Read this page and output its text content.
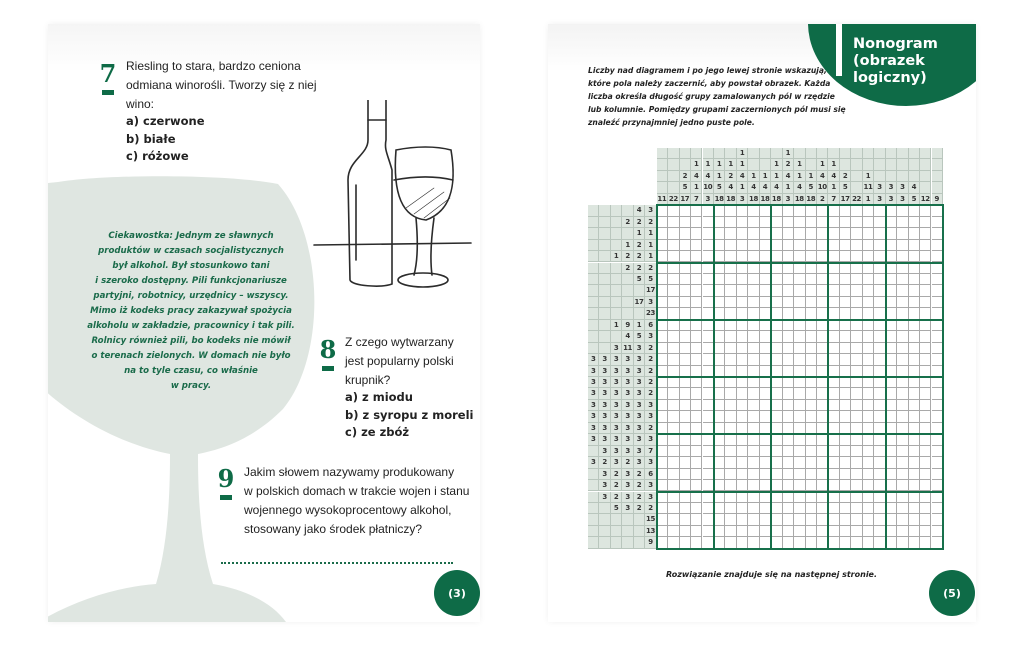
7 Riesling to stara, bardzo ceniona
odmiana winorośli. Tworzy się z niej
wino:
a) czerwone
b) białe
c) różowe
Ciekawostka: Jednym ze sławnych
produktów w czasach socjalistycznych
był alkohol. Był stosunkowo tani
i szeroko dostępny. Pili funkcjonariusze
partyjni, robotnicy, urzędnicy – wszyscy.
Mimo iż kodeks pracy zakazywał spożycia
alkoholu w zakładzie, pracownicy i tak pili.
Rolnicy również pili, bo kodeks nie mówił
o terenach zielonych. W domach nie było
na to tyle czasu, co właśnie
w pracy.
8 Z czego wytwarzany
jest popularny polski
krupnik?
a) z miodu
b) z syropu z moreli
c) ze zbóż
9 Jakim słowem nazywamy produkowany
w polskich domach w trakcie wojen i stanu
wojennego wysokoprocentowy alkohol,
stosowany jako środek płatniczy?
(3)
Nonogram
(obrazek
logiczny)
Liczby nad diagramem i po jego lewej stronie wskazują,
które pola należy zaczernić, aby powstał obrazek. Każda
liczba określa długość grupy zamalowanych pól w rzędzie
lub kolumnie. Pomiędzy grupami zaczernionych pól musi się
znaleźć przynajmniej jedno puste pole.
11 22
2
5
17
1
4
1
7
1
4
10
3
1
1
5
18
1
2
4
18
1
1
4
1
3
1
4
18
1
4
18
1
1
4
18
1
2
4
1
3
1
1
4
18
1
5
18
1
4
10
2
1
4
1
7
2
5
17 22
1
11
1
3
3
3
3
3
3
4
5 12 9
4 3
2 2 2
1 1
1 2 1
1 2 2 1
2 2 2
5 5
17
17 3
23
1 9 1 6
4 5 3
3 11 3 2
3 3 3 3 3 2
3 3 3 3 3 2
3 3 3 3 3 2
3 3 3 3 3 2
3 3 3 3 3 3
3 3 3 3 3 3
3 3 3 3 3 2
3 3 3 3 3 3
3 3 3 3 7
3 2 3 2 3 3
3 2 3 2 6
3 2 3 2 3
3 2 3 2 3
5 3 2 2
15
13
9
Rozwiązanie znajduje się na następnej stronie.
(5)
